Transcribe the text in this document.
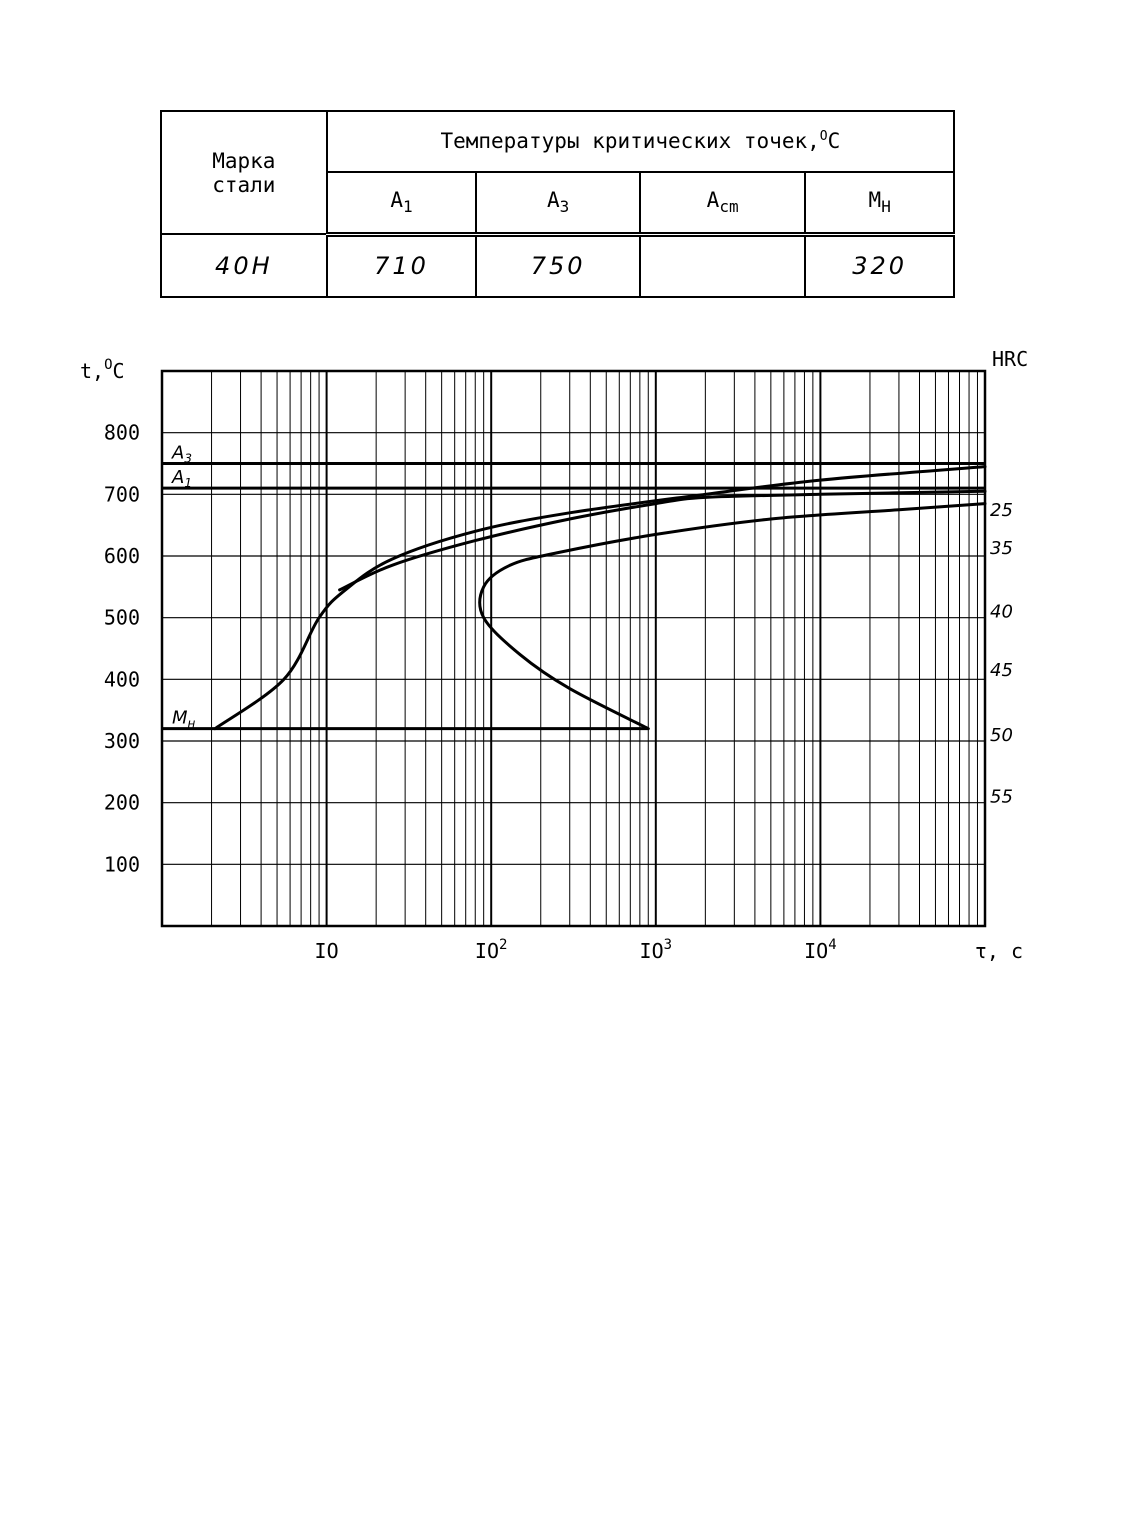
Марка стали	Температуры критических точек,$^O$C			
	$A_1$	$A_3$	$A_{cm}$	$M_H$
40Н	710	750		320
100
200
300
400
500
600
700
800
IO	$IO^2$	$IO^3$	$IO^4$
t,$^O$C
τ, с
HRC
$A_3$
$A_1$
$M_н$
25
35
40
45
50
55
